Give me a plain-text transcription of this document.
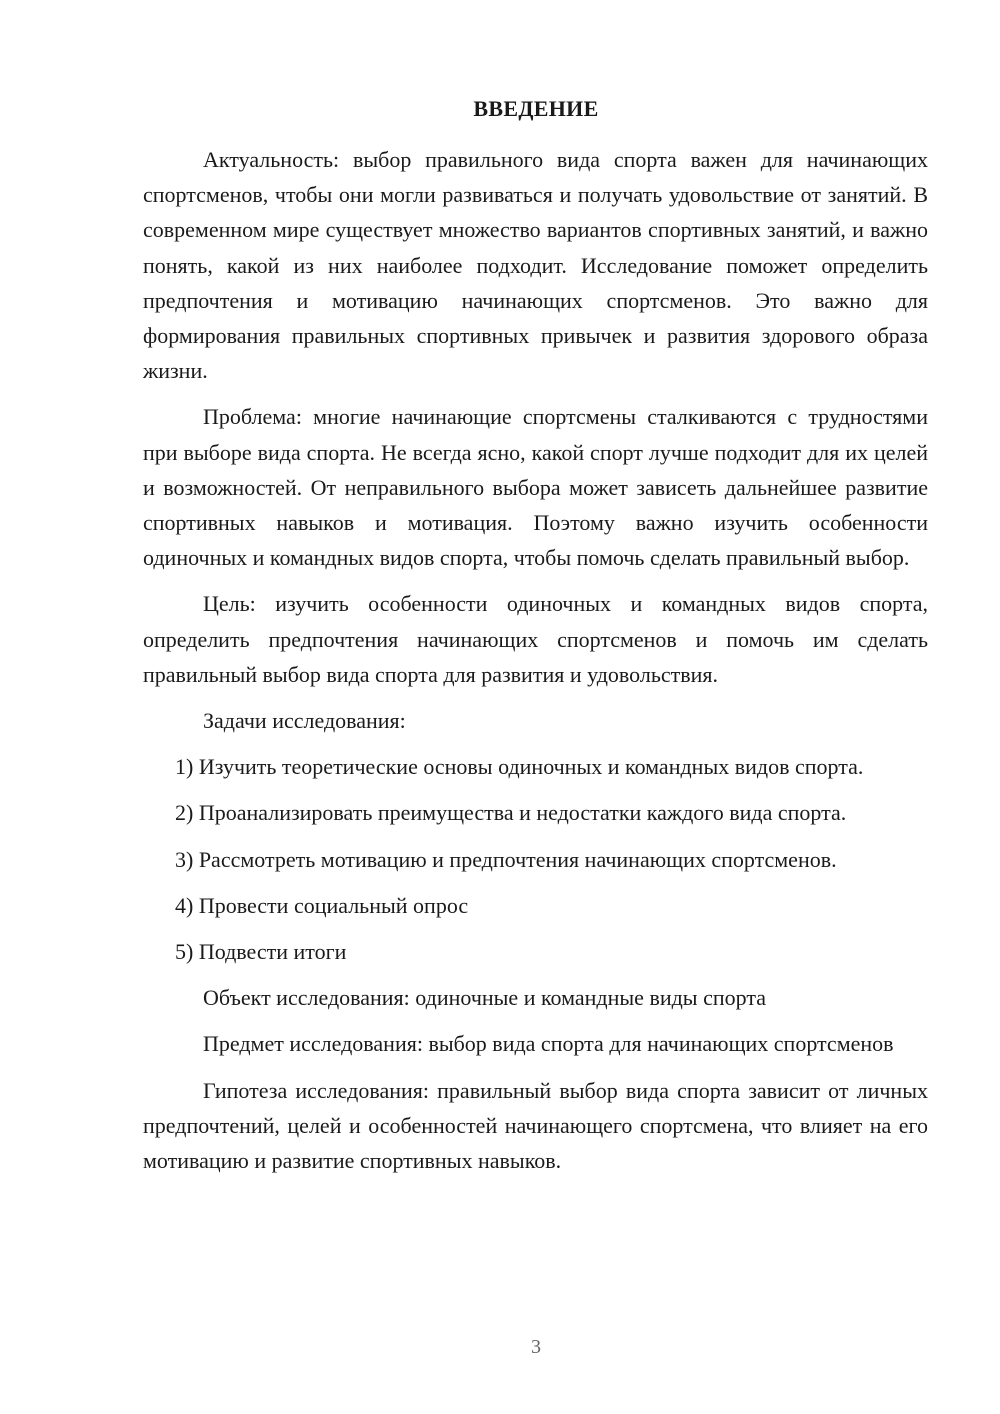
ВВЕДЕНИЕ

Актуальность: выбор правильного вида спорта важен для начинающих спортсменов, чтобы они могли развиваться и получать удовольствие от занятий. В современном мире существует множество вариантов спортивных занятий, и важно понять, какой из них наиболее подходит. Исследование поможет определить предпочтения и мотивацию начинающих спортсменов. Это важно для формирования правильных спортивных привычек и развития здорового образа жизни.

Проблема: многие начинающие спортсмены сталкиваются с трудностями при выборе вида спорта. Не всегда ясно, какой спорт лучше подходит для их целей и возможностей. От неправильного выбора может зависеть дальнейшее развитие спортивных навыков и мотивация. Поэтому важно изучить особенности одиночных и командных видов спорта, чтобы помочь сделать правильный выбор.

Цель: изучить особенности одиночных и командных видов спорта, определить предпочтения начинающих спортсменов и помочь им сделать правильный выбор вида спорта для развития и удовольствия.

Задачи исследования:

1) Изучить теоретические основы одиночных и командных видов спорта.

2) Проанализировать преимущества и недостатки каждого вида спорта.

3) Рассмотреть мотивацию и предпочтения начинающих спортсменов.

4) Провести социальный опрос

5) Подвести итоги

Объект исследования: одиночные и командные виды спорта

Предмет исследования: выбор вида спорта для начинающих спортсменов

Гипотеза исследования: правильный выбор вида спорта зависит от личных предпочтений, целей и особенностей начинающего спортсмена, что влияет на его мотивацию и развитие спортивных навыков.

3
